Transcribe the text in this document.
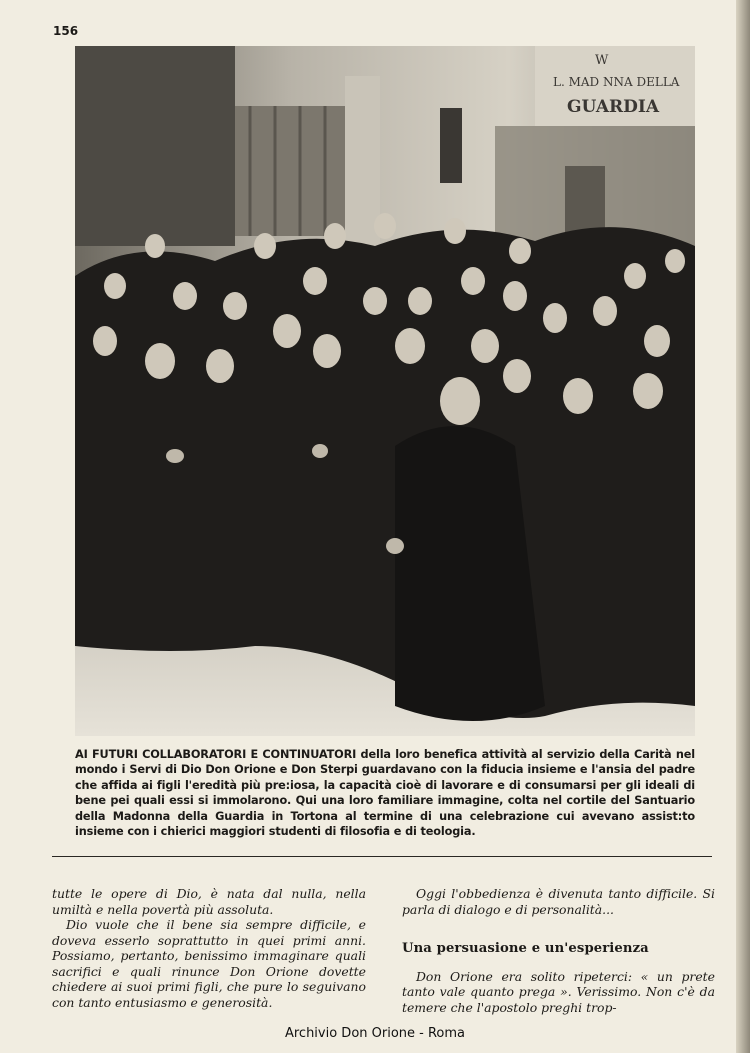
156
W
L. MAD NNA DELLA
GUARDIA
AI FUTURI COLLABORATORI E CONTINUATORI della loro benefica attività al servizio della Carità nel mondo i Servi di Dio Don Orione e Don Sterpi guardavano con la fiducia insieme e l'ansia del padre che affida ai figli l'eredità più pre:iosa, la capacità cioè di lavorare e di consumarsi per gli ideali di bene pei quali essi si immolarono. Qui una loro familiare immagine, colta nel cortile del Santuario della Madonna della Guardia in Tortona al termine di una celebrazione cui avevano assist:to insieme con i chierici maggiori studenti di filosofia e di teologia.

tutte le opere di Dio, è nata dal nulla, nella umiltà e nella povertà più assoluta.

Dio vuole che il bene sia sempre difficile, e doveva esserlo soprattutto in quei primi anni. Possiamo, pertanto, benissimo immaginare quali sacrifici e quali rinunce Don Orione dovette chiedere ai suoi primi figli, che pure lo seguivano con tanto entusiasmo e generosità.

Oggi l'obbedienza è divenuta tanto difficile. Si parla di dialogo e di personalità...

Una persuasione e un'esperienza

Don Orione era solito ripeterci: « un prete tanto vale quanto prega ». Verissimo. Non c'è da temere che l'apostolo preghi trop-

Archivio Don Orione - Roma
